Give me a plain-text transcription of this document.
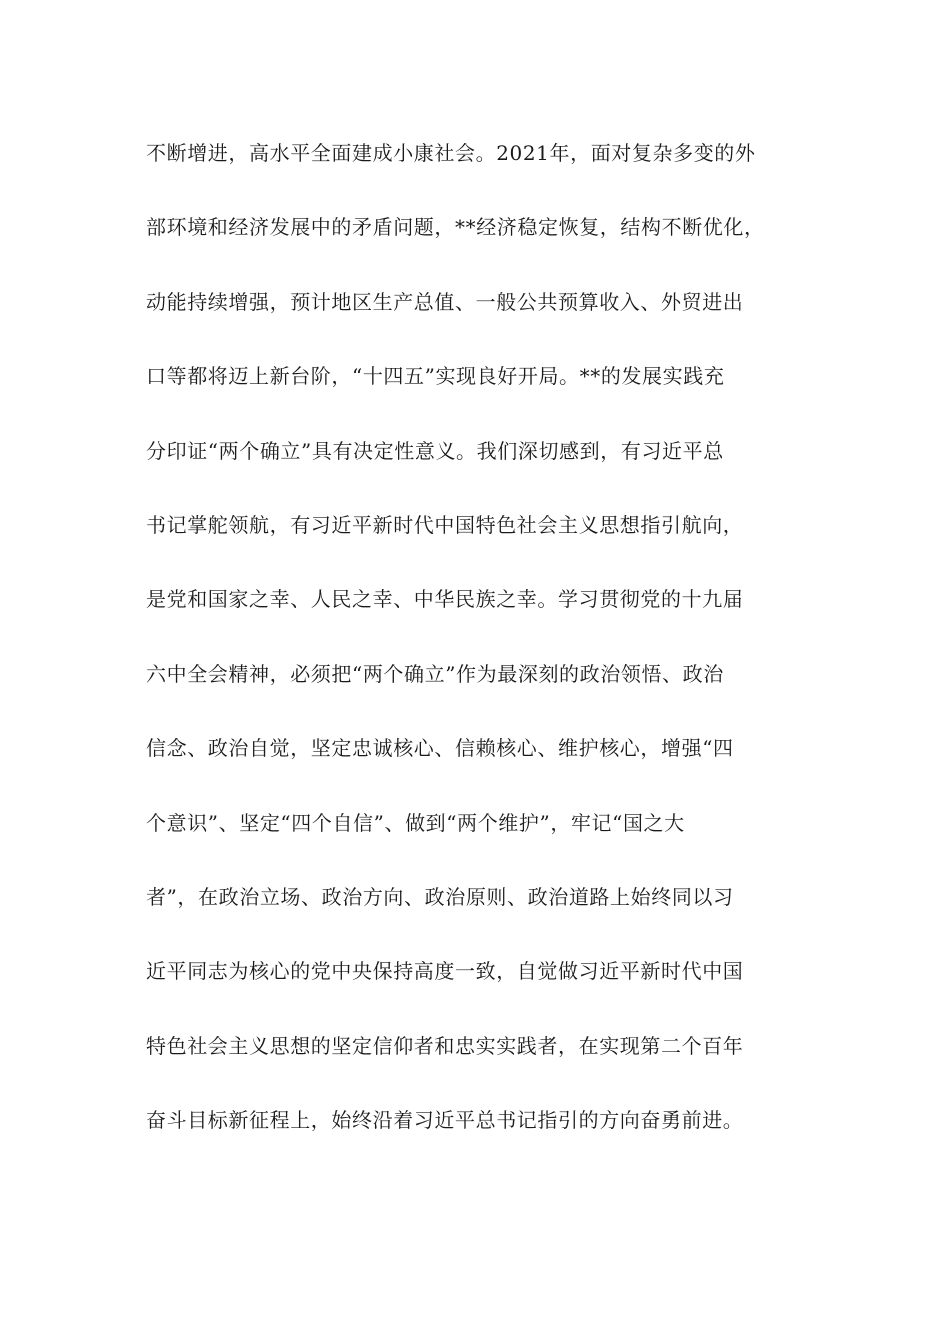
不断增进，高水平全面建成小康社会。2021年，面对复杂多变的外
部环境和经济发展中的矛盾问题，**经济稳定恢复，结构不断优化，
动能持续增强，预计地区生产总值、一般公共预算收入、外贸进出
口等都将迈上新台阶，“十四五”实现良好开局。**的发展实践充
分印证“两个确立”具有决定性意义。我们深切感到，有习近平总
书记掌舵领航，有习近平新时代中国特色社会主义思想指引航向，
是党和国家之幸、人民之幸、中华民族之幸。学习贯彻党的十九届
六中全会精神，必须把“两个确立”作为最深刻的政治领悟、政治
信念、政治自觉，坚定忠诚核心、信赖核心、维护核心，增强“四
个意识”、坚定“四个自信”、做到“两个维护”，牢记“国之大
者”，在政治立场、政治方向、政治原则、政治道路上始终同以习
近平同志为核心的党中央保持高度一致，自觉做习近平新时代中国
特色社会主义思想的坚定信仰者和忠实实践者，在实现第二个百年
奋斗目标新征程上，始终沿着习近平总书记指引的方向奋勇前进。
